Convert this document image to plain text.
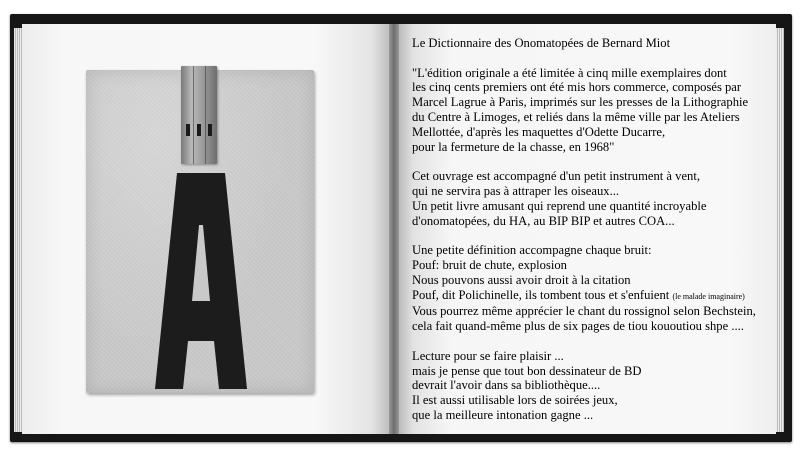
Le Dictionnaire des Onomatopées de Bernard Miot
"L'édition originale a été limitée à cinq mille exemplaires dont
les cinq cents premiers ont été mis hors commerce, composés par
Marcel Lagrue à Paris, imprimés sur les presses de la Lithographie
du Centre à Limoges, et reliés dans la même ville par les Ateliers
Mellottée, d'après les maquettes d'Odette Ducarre,
pour la fermeture de la chasse, en 1968"
Cet ouvrage est accompagné d'un petit instrument à vent,
qui ne servira pas à attraper les oiseaux...
Un petit livre amusant qui reprend une quantité incroyable
d'onomatopées, du HA, au BIP BIP et autres COA...
Une petite définition accompagne chaque bruit:
Pouf: bruit de chute, explosion
Nous pouvons aussi avoir droit à la citation
Pouf, dit Polichinelle, ils tombent tous et s'enfuient (le malade imaginaire)
Vous pourrez même apprécier le chant du rossignol selon Bechstein,
cela fait quand-même plus de six pages de tiou kououtiou shpe ....
Lecture pour se faire plaisir ...
mais je pense que tout bon dessinateur de BD
devrait l'avoir dans sa bibliothèque....
Il est aussi utilisable lors de soirées jeux,
que la meilleure intonation gagne ...
